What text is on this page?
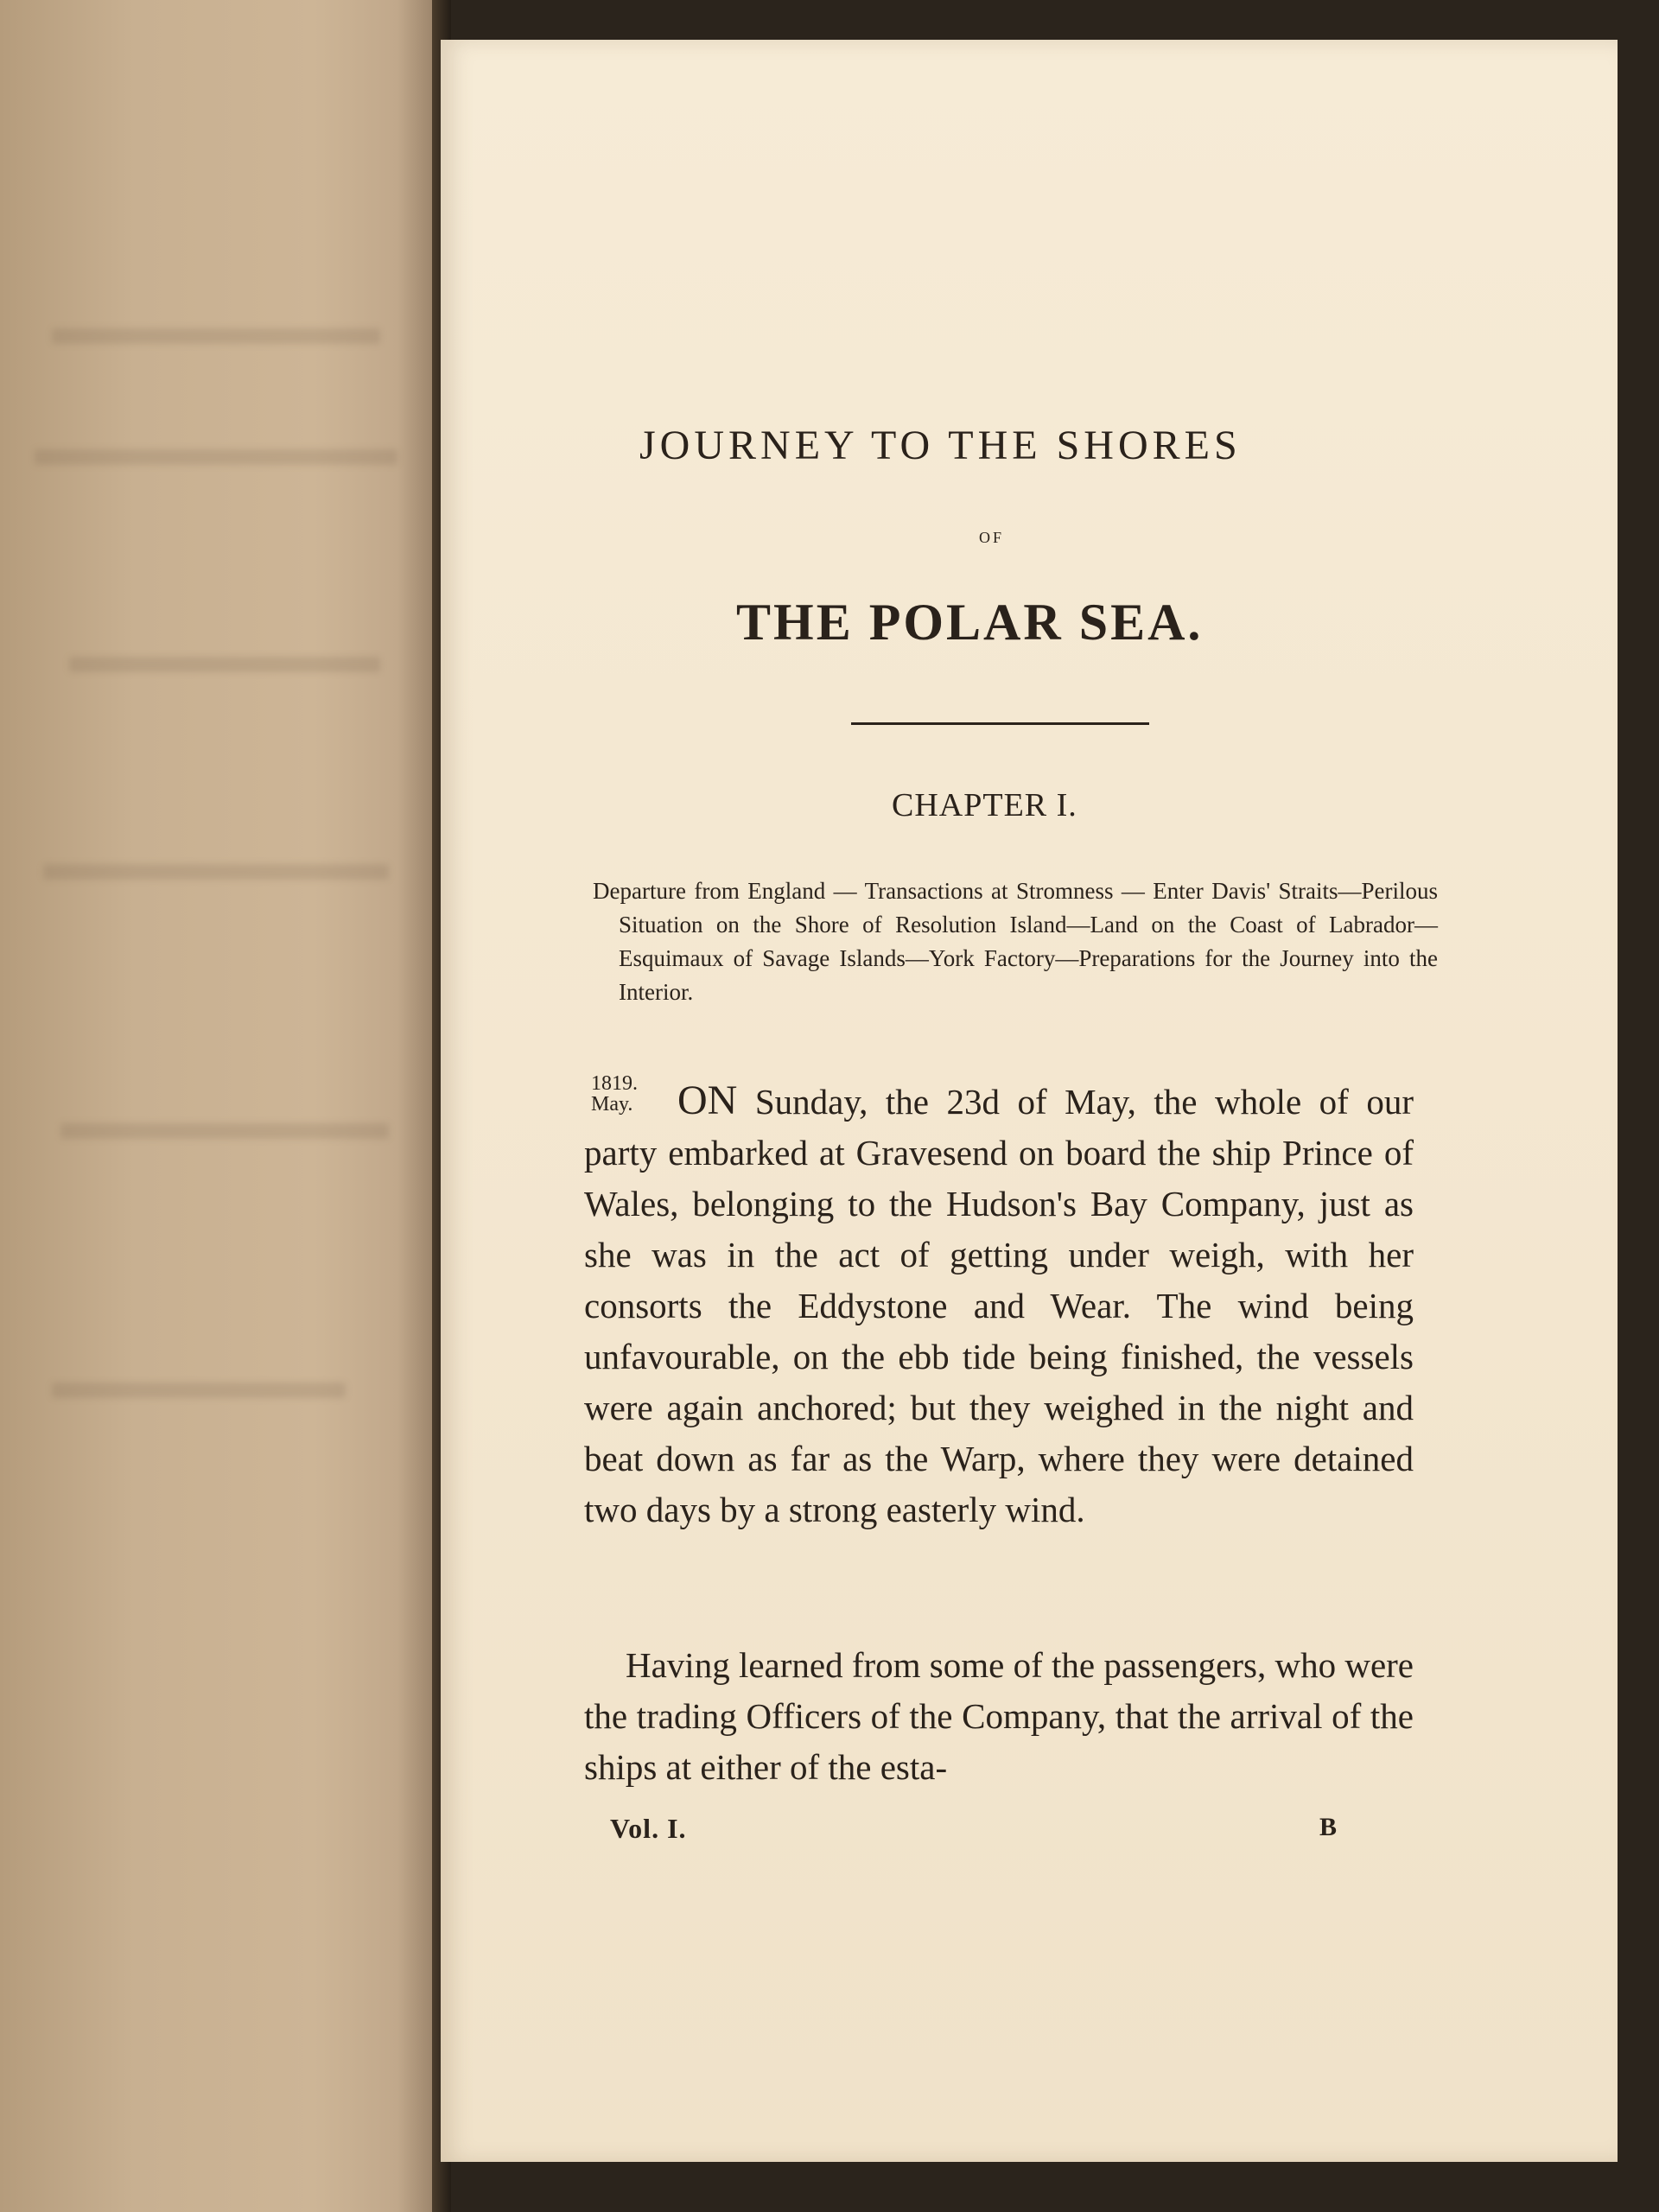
JOURNEY TO THE SHORES
OF
THE POLAR SEA.
CHAPTER I.
Departure from England — Transactions at Stromness — Enter Davis' Straits—Perilous Situation on the Shore of Resolution Island—Land on the Coast of Labrador—Esquimaux of Savage Islands—York Factory—Preparations for the Journey into the Interior.
1819.
May.	ON Sunday, the 23d of May, the whole of our party embarked at Gravesend on board the ship Prince of Wales, belonging to the Hudson's Bay Company, just as she was in the act of getting under weigh, with her consorts the Eddystone and Wear. The wind being unfavourable, on the ebb tide being finished, the vessels were again anchored; but they weighed in the night and beat down as far as the Warp, where they were detained two days by a strong easterly wind.
Having learned from some of the passengers, who were the trading Officers of the Company, that the arrival of the ships at either of the esta-
Vol. I.	B
